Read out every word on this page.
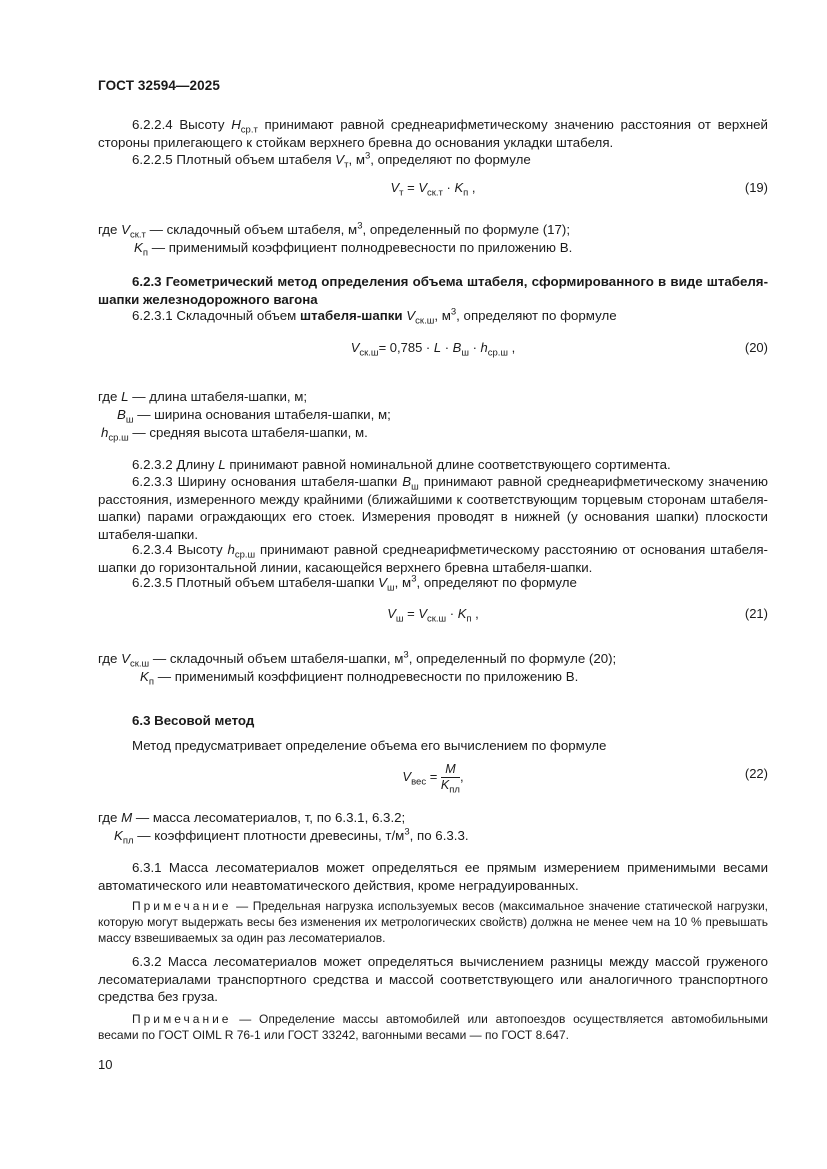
ГОСТ 32594—2025
6.2.2.4 Высоту $H_{ср.т}$ принимают равной среднеарифметическому значению расстояния от верхней стороны прилегающего к стойкам верхнего бревна до основания укладки штабеля.
6.2.2.5 Плотный объем штабеля $V_т$, $м^3$, определяют по формуле
$V_т = V_{ск.т} \cdot K_п$ ,	(19)
где $V_{ск.т}$ — складочный объем штабеля, $м^3$, определенный по формуле (17);
$K_п$ — применимый коэффициент полнодревесности по приложению В.
6.2.3 Геометрический метод определения объема штабеля, сформированного в виде штабеля-шапки железнодорожного вагона
6.2.3.1 Складочный объем штабеля-шапки $V_{ск.ш}$, $м^3$, определяют по формуле
$V_{ск.ш}= 0,785 \cdot L \cdot B_ш \cdot h_{ср.ш}$ ,	(20)
где L — длина штабеля-шапки, м;
$B_ш$ — ширина основания штабеля-шапки, м;
$h_{ср.ш}$ — средняя высота штабеля-шапки, м.
6.2.3.2 Длину L принимают равной номинальной длине соответствующего сортимента.
6.2.3.3 Ширину основания штабеля-шапки $B_ш$ принимают равной среднеарифметическому значению расстояния, измеренного между крайними (ближайшими к соответствующим торцевым сторонам штабеля-шапки) парами ограждающих его стоек. Измерения проводят в нижней (у основания шапки) плоскости штабеля-шапки.
6.2.3.4 Высоту $h_{ср.ш}$ принимают равной среднеарифметическому расстоянию от основания штабеля-шапки до горизонтальной линии, касающейся верхнего бревна штабеля-шапки.
6.2.3.5 Плотный объем штабеля-шапки $V_ш$, $м^3$, определяют по формуле
$V_ш = V_{ск.ш} \cdot K_п$ ,	(21)
где $V_{ск.ш}$ — складочный объем штабеля-шапки, $м^3$, определенный по формуле (20);
$K_п$ — применимый коэффициент полнодревесности по приложению В.
6.3 Весовой метод
Метод предусматривает определение объема его вычислением по формуле
$V_{вес} = \frac{M}{K_{пл}}$ ,	(22)
где M — масса лесоматериалов, т, по 6.3.1, 6.3.2;
$K_{пл}$ — коэффициент плотности древесины, $т/м^3$, по 6.3.3.
6.3.1 Масса лесоматериалов может определяться ее прямым измерением применимыми весами автоматического или неавтоматического действия, кроме неградуированных.
Примечание — Предельная нагрузка используемых весов (максимальное значение статической нагрузки, которую могут выдержать весы без изменения их метрологических свойств) должна не менее чем на 10 % превышать массу взвешиваемых за один раз лесоматериалов.
6.3.2 Масса лесоматериалов может определяться вычислением разницы между массой груженого лесоматериалами транспортного средства и массой соответствующего или аналогичного транспортного средства без груза.
Примечание — Определение массы автомобилей или автопоездов осуществляется автомобильными весами по ГОСТ OIML R 76-1 или ГОСТ 33242, вагонными весами — по ГОСТ 8.647.
10
